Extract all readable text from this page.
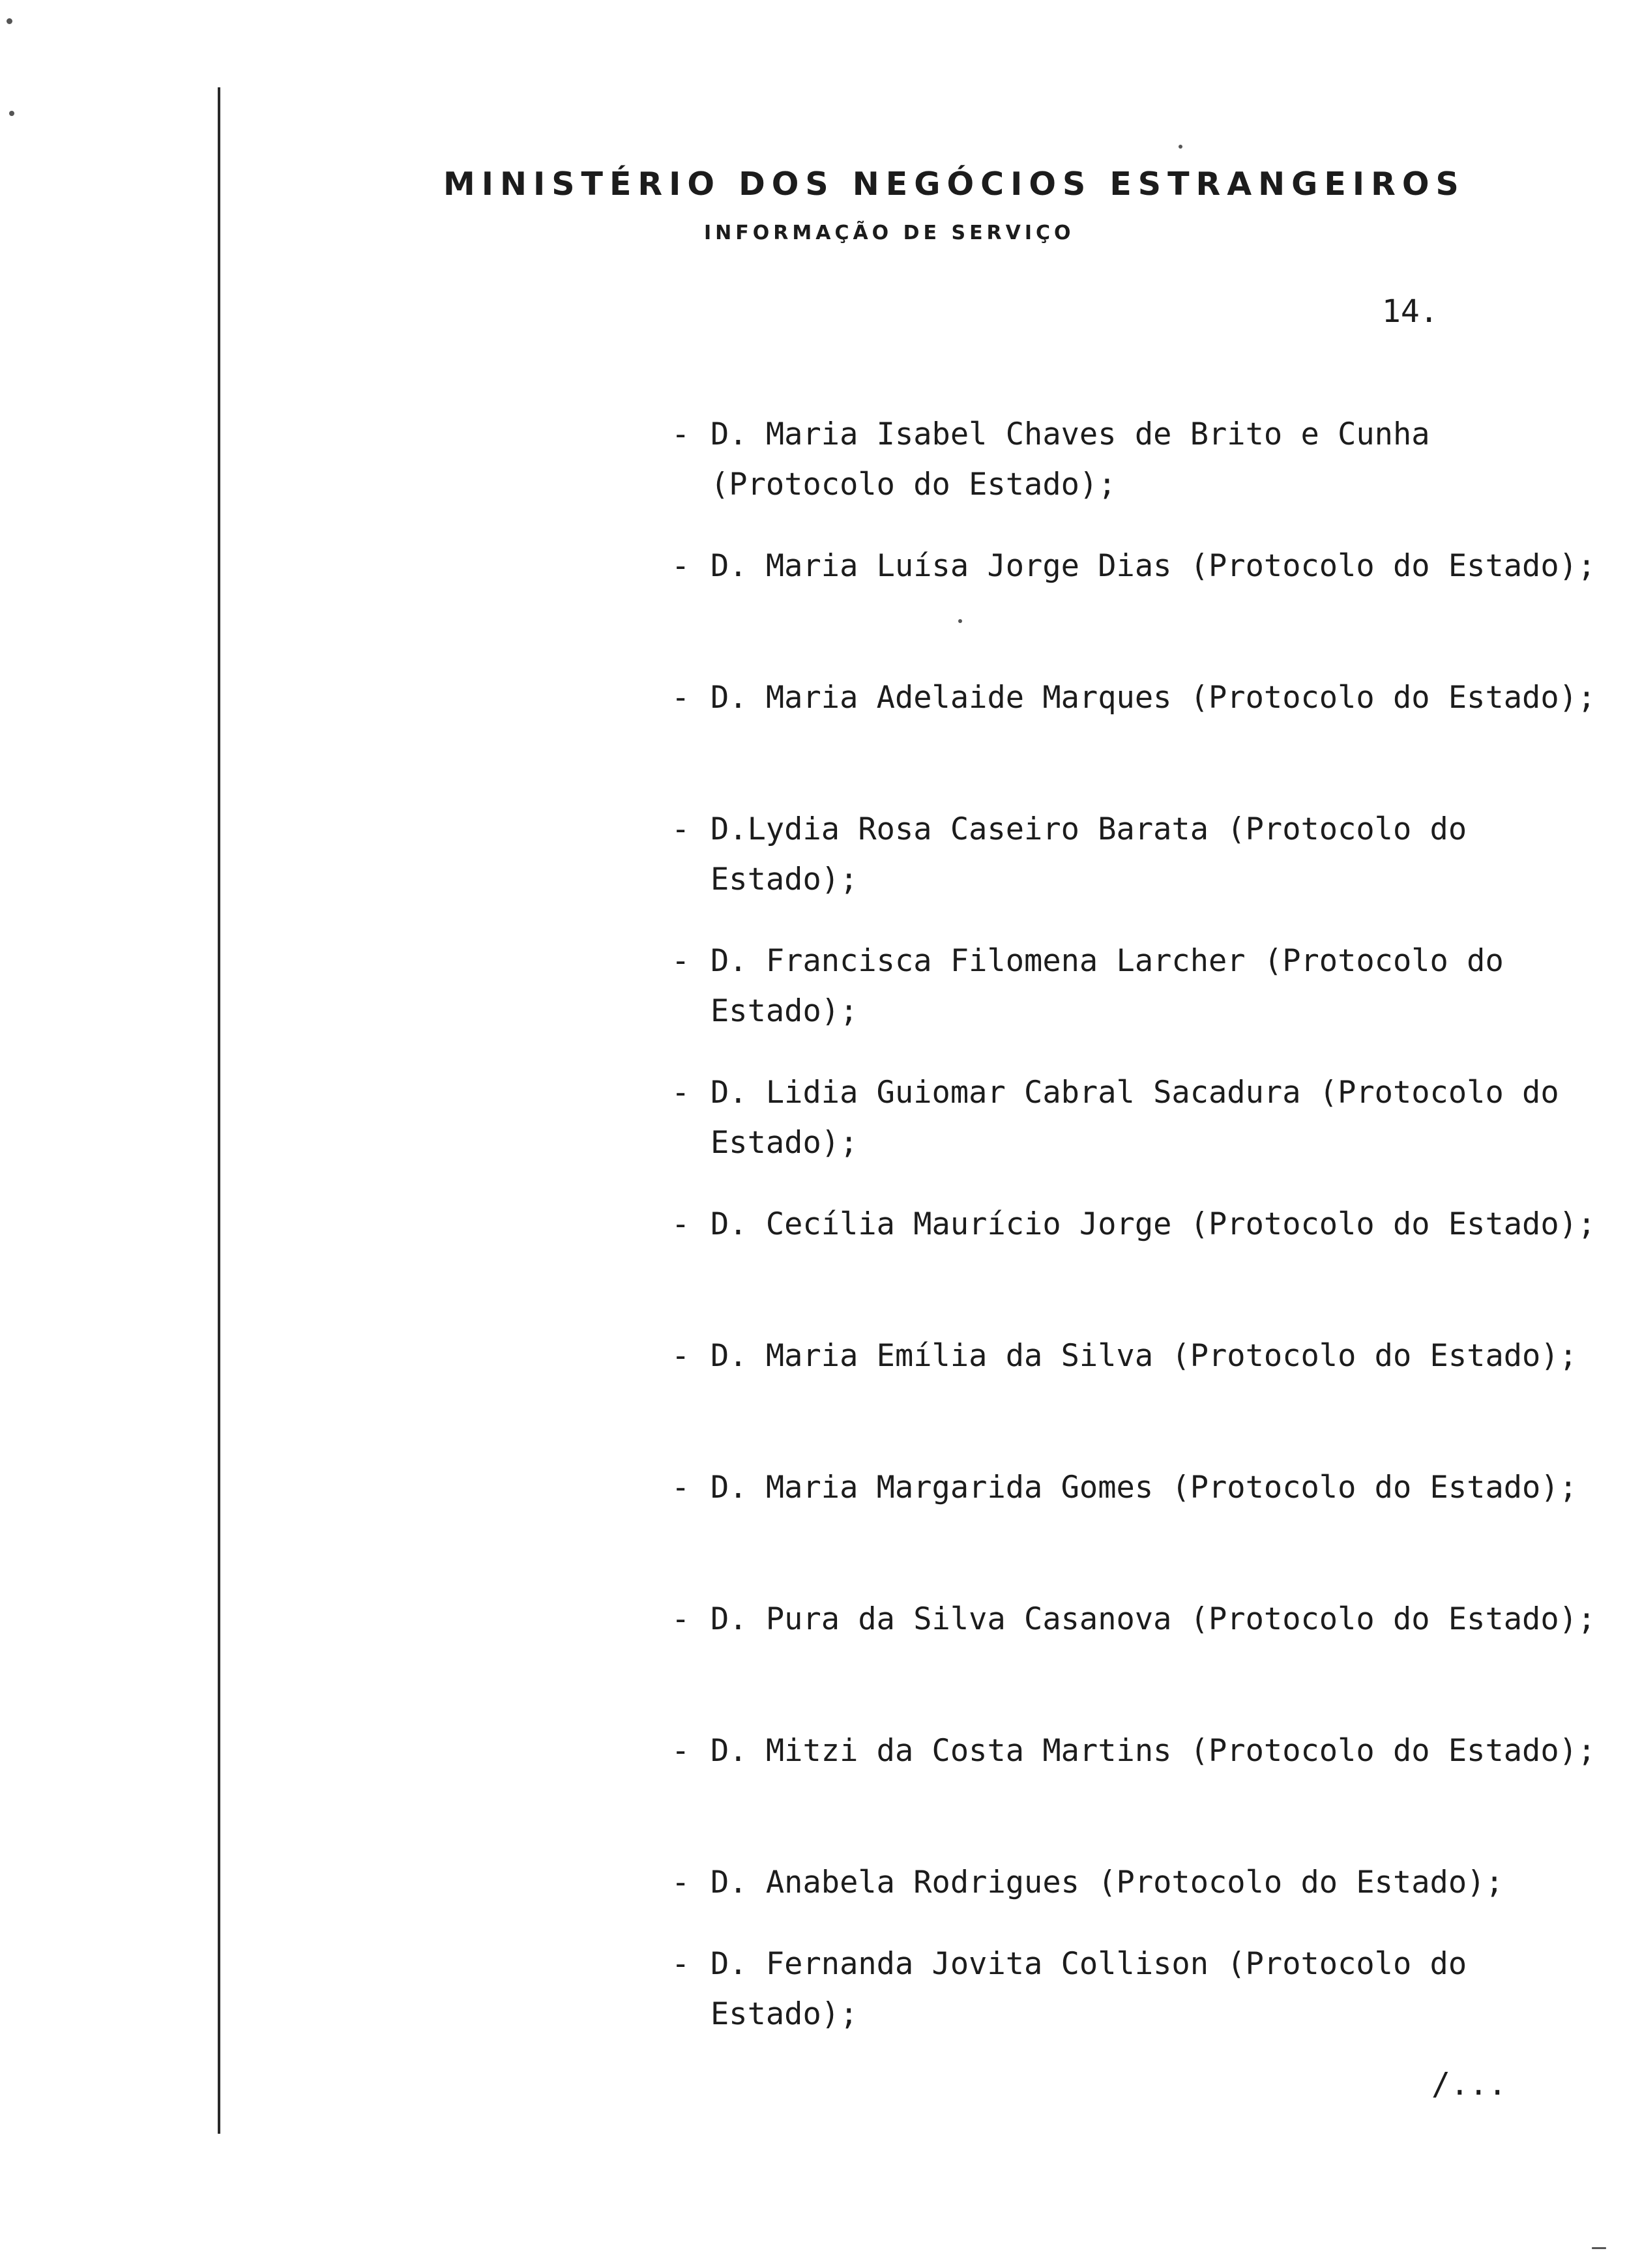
MINISTÉRIO DOS NEGÓCIOS ESTRANGEIROS
INFORMAÇÃO DE SERVIÇO
14.
- D. Maria Isabel Chaves de Brito e Cunha (Protocolo do Estado);
- D. Maria Luísa Jorge Dias (Protocolo do Estado);
- D. Maria Adelaide Marques (Protocolo do Estado);
- D.Lydia Rosa Caseiro Barata (Protocolo do Estado);
- D. Francisca Filomena Larcher (Protocolo do Estado);
- D. Lidia Guiomar Cabral Sacadura (Protocolo do Estado);
- D. Cecília Maurício Jorge (Protocolo do Estado);
- D. Maria Emília da Silva (Protocolo do Estado);
- D. Maria Margarida Gomes (Protocolo do Estado);
- D. Pura da Silva Casanova (Protocolo do Estado);
- D. Mitzi da Costa Martins (Protocolo do Estado);
- D. Anabela Rodrigues (Protocolo do Estado);
- D. Fernanda Jovita Collison (Protocolo do Estado);
/...
